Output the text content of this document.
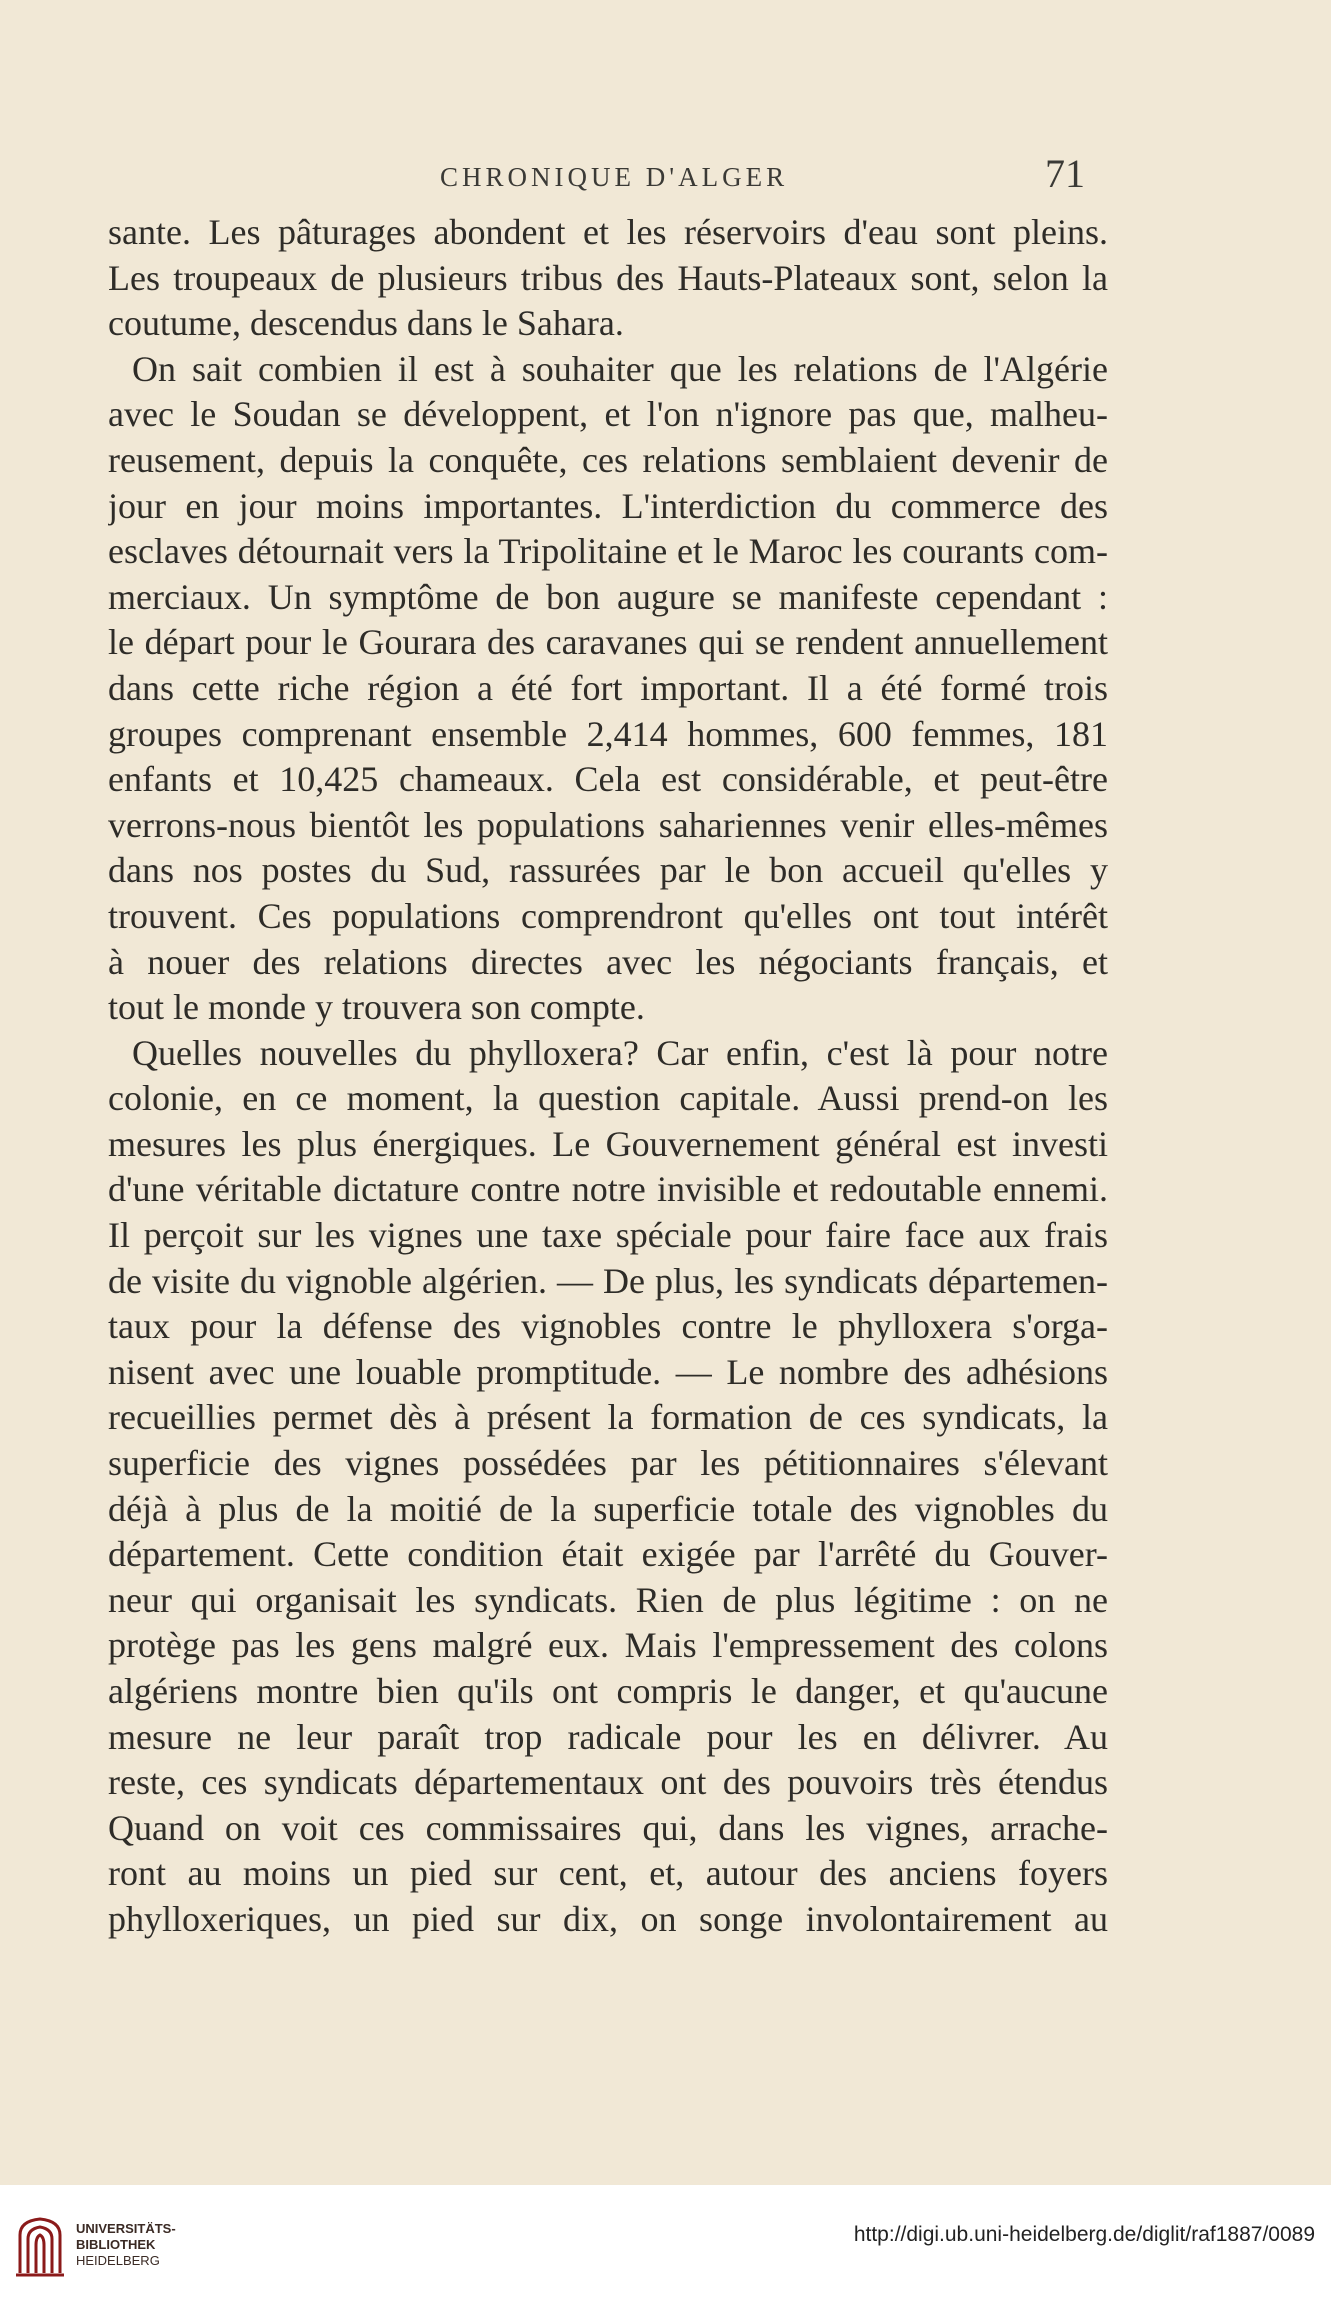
CHRONIQUE D'ALGER	71
sante. Les pâturages abondent et les réservoirs d'eau sont pleins.
Les troupeaux de plusieurs tribus des Hauts-Plateaux sont, selon la
coutume, descendus dans le Sahara.
On sait combien il est à souhaiter que les relations de l'Algérie
avec le Soudan se développent, et l'on n'ignore pas que, malheu-
reusement, depuis la conquête, ces relations semblaient devenir de
jour en jour moins importantes. L'interdiction du commerce des
esclaves détournait vers la Tripolitaine et le Maroc les courants com-
merciaux. Un symptôme de bon augure se manifeste cependant :
le départ pour le Gourara des caravanes qui se rendent annuellement
dans cette riche région a été fort important. Il a été formé trois
groupes comprenant ensemble 2,414 hommes, 600 femmes, 181
enfants et 10,425 chameaux. Cela est considérable, et peut-être
verrons-nous bientôt les populations sahariennes venir elles-mêmes
dans nos postes du Sud, rassurées par le bon accueil qu'elles y
trouvent. Ces populations comprendront qu'elles ont tout intérêt
à nouer des relations directes avec les négociants français, et
tout le monde y trouvera son compte.
Quelles nouvelles du phylloxera? Car enfin, c'est là pour notre
colonie, en ce moment, la question capitale. Aussi prend-on les
mesures les plus énergiques. Le Gouvernement général est investi
d'une véritable dictature contre notre invisible et redoutable ennemi.
Il perçoit sur les vignes une taxe spéciale pour faire face aux frais
de visite du vignoble algérien. — De plus, les syndicats départemen-
taux pour la défense des vignobles contre le phylloxera s'orga-
nisent avec une louable promptitude. — Le nombre des adhésions
recueillies permet dès à présent la formation de ces syndicats, la
superficie des vignes possédées par les pétitionnaires s'élevant
déjà à plus de la moitié de la superficie totale des vignobles du
département. Cette condition était exigée par l'arrêté du Gouver-
neur qui organisait les syndicats. Rien de plus légitime : on ne
protège pas les gens malgré eux. Mais l'empressement des colons
algériens montre bien qu'ils ont compris le danger, et qu'aucune
mesure ne leur paraît trop radicale pour les en délivrer. Au
reste, ces syndicats départementaux ont des pouvoirs très étendus
Quand on voit ces commissaires qui, dans les vignes, arrache-
ront au moins un pied sur cent, et, autour des anciens foyers
phylloxeriques, un pied sur dix, on songe involontairement au
UNIVERSITÄTS-
BIBLIOTHEK
HEIDELBERG
http://digi.ub.uni-heidelberg.de/diglit/raf1887/0089
